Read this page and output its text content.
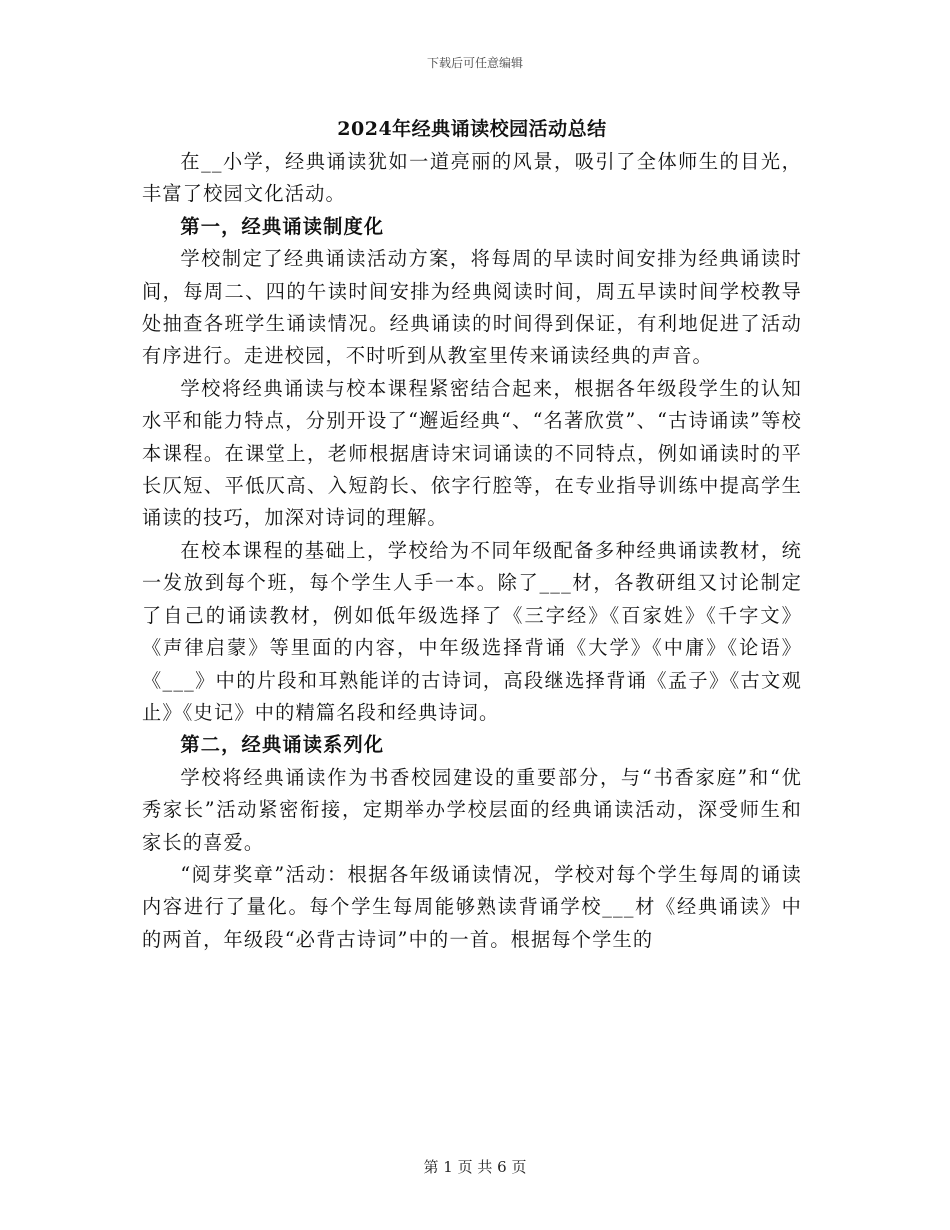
下载后可任意编辑
2024年经典诵读校园活动总结

在__小学，经典诵读犹如一道亮丽的风景，吸引了全体师生的目光，丰富了校园文化活动。

第一，经典诵读制度化

学校制定了经典诵读活动方案，将每周的早读时间安排为经典诵读时间，每周二、四的午读时间安排为经典阅读时间，周五早读时间学校教导处抽查各班学生诵读情况。经典诵读的时间得到保证，有利地促进了活动有序进行。走进校园，不时听到从教室里传来诵读经典的声音。

学校将经典诵读与校本课程紧密结合起来，根据各年级段学生的认知水平和能力特点，分别开设了“邂逅经典“、“名著欣赏”、“古诗诵读”等校本课程。在课堂上，老师根据唐诗宋词诵读的不同特点，例如诵读时的平长仄短、平低仄高、入短韵长、依字行腔等，在专业指导训练中提高学生诵读的技巧，加深对诗词的理解。

在校本课程的基础上，学校给为不同年级配备多种经典诵读教材，统一发放到每个班，每个学生人手一本。除了___材，各教研组又讨论制定了自己的诵读教材，例如低年级选择了《三字经》《百家姓》《千字文》《声律启蒙》等里面的内容，中年级选择背诵《大学》《中庸》《论语》《___》中的片段和耳熟能详的古诗词，高段继选择背诵《孟子》《古文观止》《史记》中的精篇名段和经典诗词。

第二，经典诵读系列化

学校将经典诵读作为书香校园建设的重要部分，与“书香家庭”和“优秀家长”活动紧密衔接，定期举办学校层面的经典诵读活动，深受师生和家长的喜爱。

“阅芽奖章”活动：根据各年级诵读情况，学校对每个学生每周的诵读内容进行了量化。每个学生每周能够熟读背诵学校___材《经典诵读》中的两首，年级段“必背古诗词”中的一首。根据每个学生的

第 1 页 共 6 页
